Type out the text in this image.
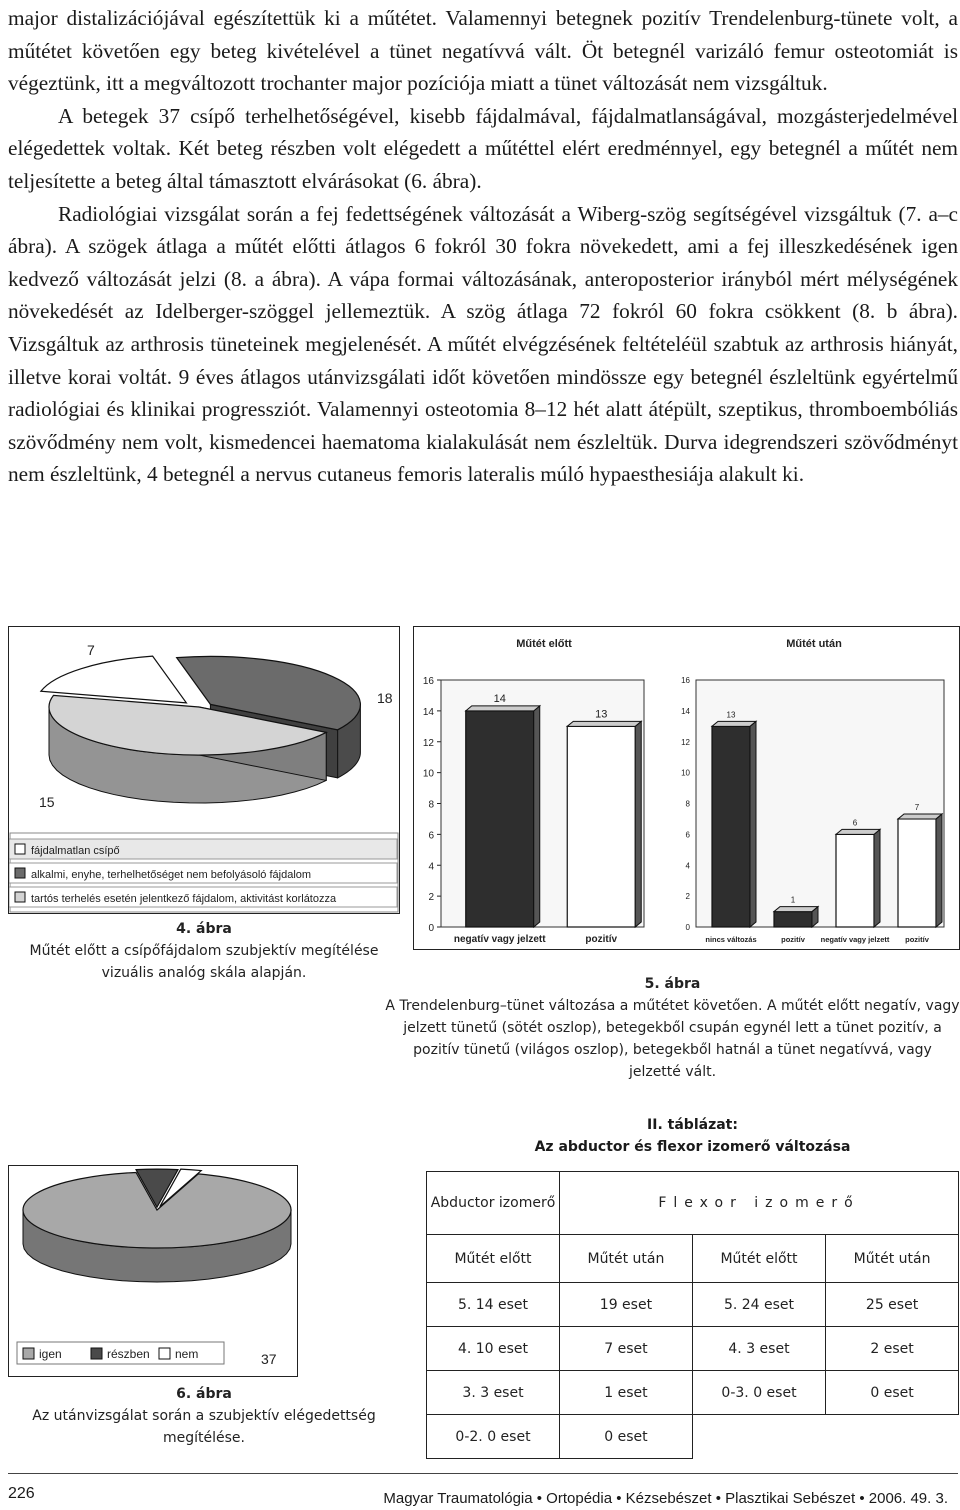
major distalizációjával egészítettük ki a műtétet. Valamennyi betegnek pozitív Trendelenburg-tünete volt, a műtétet követően egy beteg kivételével a tünet negatívvá vált. Öt betegnél varizáló femur osteotomiát is végeztünk, itt a megváltozott trochanter major pozíciója miatt a tünet változását nem vizsgáltuk.

A betegek 37 csípő terhelhetőségével, kisebb fájdalmával, fájdalmatlanságával, mozgásterjedelmével elégedettek voltak. Két beteg részben volt elégedett a műtéttel elért eredménnyel, egy betegnél a műtét nem teljesítette a beteg által támasztott elvárásokat (6. ábra).

Radiológiai vizsgálat során a fej fedettségének változását a Wiberg-szög segítségével vizsgáltuk (7. a–c ábra). A szögek átlaga a műtét előtti átlagos 6 fokról 30 fokra növekedett, ami a fej illeszkedésének igen kedvező változását jelzi (8. a ábra). A vápa formai változásának, anteroposterior irányból mért mélységének növekedését az Idelberger-szöggel jellemeztük. A szög átlaga 72 fokról 60 fokra csökkent (8. b ábra). Vizsgáltuk az arthrosis tüneteinek megjelenését. A műtét elvégzésének feltételéül szabtuk az arthrosis hiányát, illetve korai voltát. 9 éves átlagos utánvizsgálati időt követően mindössze egy betegnél észleltünk egyértelmű radiológiai és klinikai progressziót. Valamennyi osteotomia 8–12 hét alatt átépült, szeptikus, thromboembóliás szövődmény nem volt, kismedencei haematoma kialakulását nem észleltük. Durva idegrendszeri szövődményt nem észleltünk, 4 betegnél a nervus cutaneus femoris lateralis múló hypaesthesiája alakult ki.

7
15
18
fájdalmatlan csípő
alkalmi, enyhe, terhelhetőséget nem befolyásoló fájdalom
tartós terhelés esetén jelentkező fájdalom, aktivitást korlátozza
4. ábra
Műtét előtt a csípőfájdalom szubjektív megítélése vizuális analóg skála alapján.
0
2
4
6
8
10
12
14
16
0
2
4
6
8
10
12
14
16
Műtét előtt
14
negatív vagy jelzett
13
pozitív
Műtét után
13
nincs változás
1
pozitív
6
negatív vagy jelzett
7
pozitív
5. ábra
A Trendelenburg–tünet változása a műtétet követően. A műtét előtt negatív, vagy jelzett tünetű (sötét oszlop), betegekből csupán egynél lett a tünet pozitív, a pozitív tünetű (világos oszlop), betegekből hatnál a tünet negatívvá, vagy jelzetté vált.
37
igen	részben nem
6. ábra
Az utánvizsgálat során a szubjektív elégedettség megítélése.
II. táblázat:
Az abductor és flexor izomerő változása
Abductor izomerő	Flexor izomerő		
Műtét előtt	Műtét után	Műtét előtt	Műtét után
5. 14 eset	19 eset	5. 24 eset	25 eset
4. 10 eset	7 eset	4. 3 eset	2 eset
3. 3 eset	1 eset	0-3. 0 eset	0 eset
0-2. 0 eset	0 eset		
226	Magyar Traumatológia • Ortopédia • Kézsebészet • Plasztikai Sebészet • 2006. 49. 3.
